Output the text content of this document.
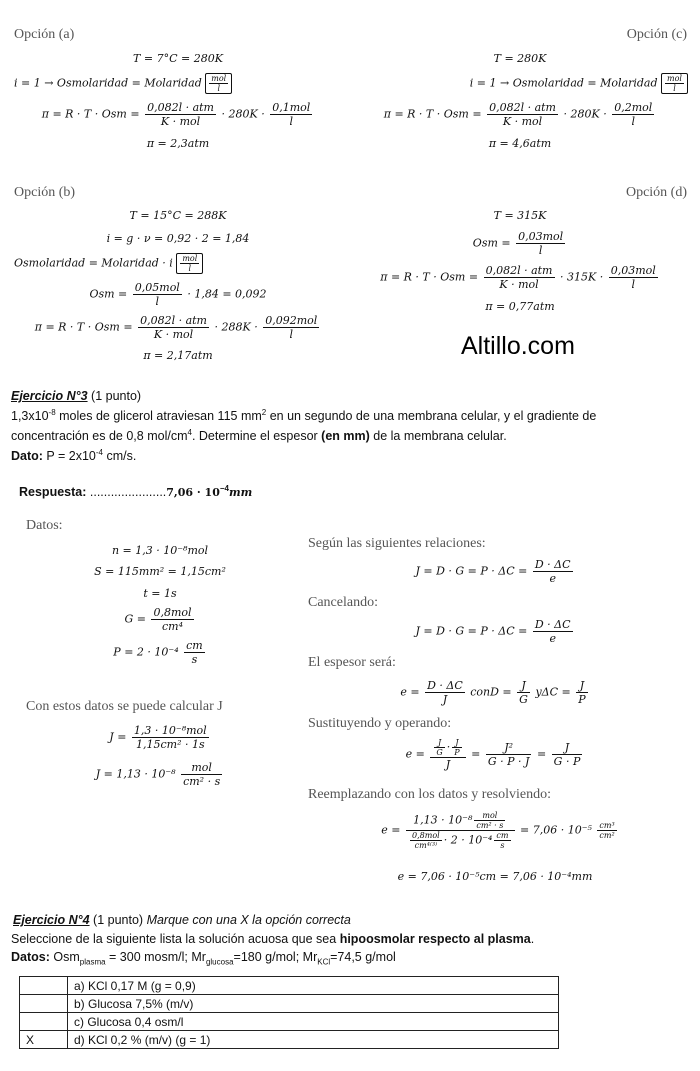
Opción (a)
T = 7°C = 280K
i = 1 → Osmolaridad = Molaridad $\frac{\text{mol}}{l}$
π = R · T · Osm = $\frac{\text{0,082l · atm}}{\text{K · mol}} \cdot 280K \cdot \frac{\text{0,1mol}}{l}$
π = 2,3atm
Opción (c)
T = 280K
i = 1 → Osmolaridad = Molaridad $\frac{\text{mol}}{l}$
π = R · T · Osm = $\frac{\text{0,082l · atm}}{\text{K · mol}} \cdot 280K \cdot \frac{\text{0,2mol}}{l}$
π = 4,6atm
Opción (b)
T = 15°C = 288K
i = g · ν = 0,92 · 2 = 1,84
Osmolaridad = Molaridad · i $\frac{\text{mol}}{l}$
Osm = $\frac{\text{0,05mol}}{l} \cdot 1,84 = 0,092$
π = R · T · Osm = $\frac{\text{0,082l · atm}}{\text{K · mol}} \cdot 288K \cdot \frac{\text{0,092mol}}{l}$
π = 2,17atm
Opción (d)
T = 315K
Osm = $\frac{\text{0,03mol}}{l}$
π = R · T · Osm = $\frac{\text{0,082l · atm}}{\text{K · mol}} \cdot 315K \cdot \frac{\text{0,03mol}}{l}$
π = 0,77atm
Altillo.com
Ejercicio N°3 (1 punto)
$1,3x10^{-8}$ moles de glicerol atraviesan 115 $mm^2$ en un segundo de una membrana celular, y el gradiente de
concentración es de 0,8 mol/$cm^4$. Determine el espesor (en mm) de la membrana celular.
Dato: $P = 2x10^{-4}$ cm/s.
Respuesta: $......................7,06 \cdot 10^{-4}mm$
Datos:
n = 1,3 · 10⁻⁸mol
S = 115mm² = 1,15cm²
t = 1s
$G = \frac{\text{0,8mol}}{\text{cm⁴}}$
$P = 2 \cdot 10^{-4} \frac{cm}{s}$
Con estos datos se puede calcular J
$J = \frac{\text{1,3 · 10⁻⁸mol}}{\text{1,15cm² · 1s}}$
$J = 1,13 \cdot 10^{-8} \frac{\text{mol}}{\text{cm² · s}}$
Según las siguientes relaciones:
$J = D \cdot G = P \cdot \Delta C = \frac{D \cdot \Delta C}{e}$
Cancelando:
$J = D \cdot G = P \cdot \Delta C = \frac{D \cdot \Delta C}{e}$
El espesor será:
$e = \frac{D \cdot \Delta C}{J}$ conD = $\frac{J}{G}$ $y\Delta C = \frac{J}{P}$
Sustituyendo y operando:
$e = \frac{\frac{J}{G} \cdot \frac{J}{P}}{J} = \frac{\text{J²}}{G \cdot P \cdot J} = \frac{J}{G \cdot P}$
Reemplazando con los datos y resolviendo:
$e = \frac{1,13 \cdot 10^{-8} \frac{\text{mol}}{\text{cm² · s}}}{\frac{\text{0,8mol}}{\text{cm⁴⁽³⁾}} \cdot 2 \cdot 10^{-4} \frac{cm}{s}} = 7,06 \cdot 10^{-5} \frac{\text{cm³}}{\text{cm²}}$
e = 7,06 · 10⁻⁵cm = 7,06 · 10⁻⁴mm
Ejercicio N°4 (1 punto) Marque con una X la opción correcta
Seleccione de la siguiente lista la solución acuosa que sea hipoosmolar respecto al plasma.
Datos: Osm$_{plasma}$ = 300 mosm/l; $Mr_{glucosa}=180$ g/mol; $Mr_{KCl}=74,5$ g/mol
	a) KCl 0,17 M (g = 0,9)
	b) Glucosa 7,5% (m/v)
	c) Glucosa 0,4 osm/l
X	d) KCl 0,2 % (m/v) (g = 1)
